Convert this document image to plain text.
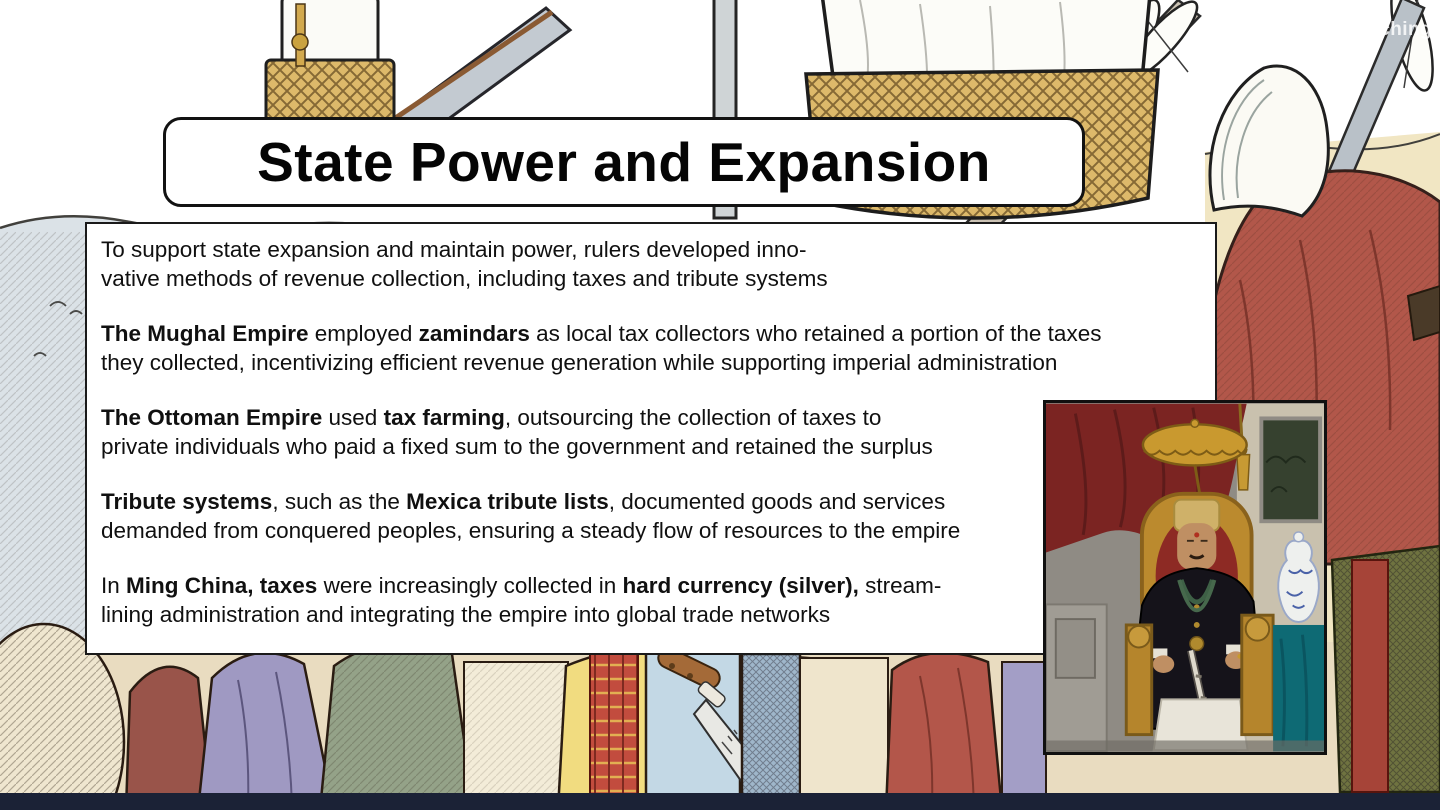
© Heimler AP Teaching
State Power and Expansion

To support state expansion and maintain power, rulers developed inno-
vative methods of revenue collection, including taxes and tribute systems

The Mughal Empire employed zamindars as local tax collectors who retained a portion of the taxes
they collected, incentivizing efficient revenue generation while supporting imperial administration

The Ottoman Empire used tax farming, outsourcing the collection of taxes to
private individuals who paid a fixed sum to the government and retained the surplus

Tribute systems, such as the Mexica tribute lists, documented goods and services
demanded from conquered peoples, ensuring a steady flow of resources to the empire

In Ming China, taxes were increasingly collected in hard currency (silver), stream-
lining administration and integrating the empire into global trade networks
